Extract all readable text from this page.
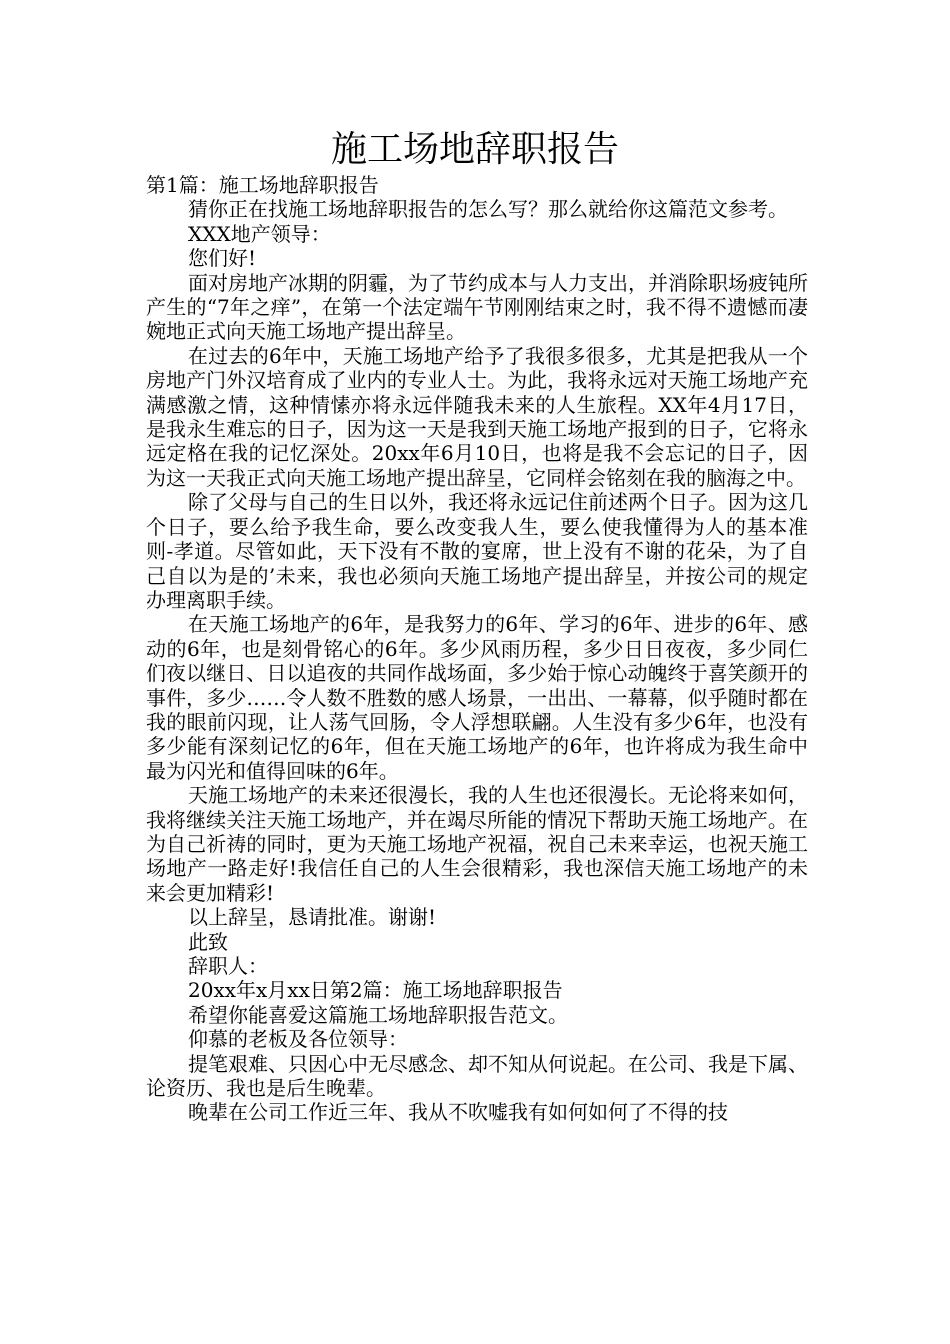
施工场地辞职报告

第1篇：施工场地辞职报告

猜你正在找施工场地辞职报告的怎么写？那么就给你这篇范文参考。

XXX地产领导：

您们好!

面对房地产冰期的阴霾，为了节约成本与人力支出，并消除职场疲钝所产生的“7年之痒”，在第一个法定端午节刚刚结束之时，我不得不遗憾而凄婉地正式向天施工场地产提出辞呈。

在过去的6年中，天施工场地产给予了我很多很多，尤其是把我从一个房地产门外汉培育成了业内的专业人士。为此，我将永远对天施工场地产充满感激之情，这种情愫亦将永远伴随我未来的人生旅程。XX年4月17日，是我永生难忘的日子，因为这一天是我到天施工场地产报到的日子，它将永远定格在我的记忆深处。20xx年6月10日，也将是我不会忘记的日子，因为这一天我正式向天施工场地产提出辞呈，它同样会铭刻在我的脑海之中。

除了父母与自己的生日以外，我还将永远记住前述两个日子。因为这几个日子，要么给予我生命，要么改变我人生，要么使我懂得为人的基本准则-孝道。尽管如此，天下没有不散的宴席，世上没有不谢的花朵，为了自己自以为是的’未来，我也必须向天施工场地产提出辞呈，并按公司的规定办理离职手续。

在天施工场地产的6年，是我努力的6年、学习的6年、进步的6年、感动的6年，也是刻骨铭心的6年。多少风雨历程，多少日日夜夜，多少同仁们夜以继日、日以追夜的共同作战场面，多少始于惊心动魄终于喜笑颜开的事件，多少……令人数不胜数的感人场景，一出出、一幕幕，似乎随时都在我的眼前闪现，让人荡气回肠，令人浮想联翩。人生没有多少6年，也没有多少能有深刻记忆的6年，但在天施工场地产的6年，也许将成为我生命中最为闪光和值得回味的6年。

天施工场地产的未来还很漫长，我的人生也还很漫长。无论将来如何，我将继续关注天施工场地产，并在竭尽所能的情况下帮助天施工场地产。在为自己祈祷的同时，更为天施工场地产祝福，祝自己未来幸运，也祝天施工场地产一路走好!我信任自己的人生会很精彩，我也深信天施工场地产的未来会更加精彩!

以上辞呈，恳请批准。谢谢!

此致

辞职人：

20xx年x月xx日第2篇：施工场地辞职报告

希望你能喜爱这篇施工场地辞职报告范文。

仰慕的老板及各位领导：

提笔艰难、只因心中无尽感念、却不知从何说起。在公司、我是下属、论资历、我也是后生晚辈。

晚辈在公司工作近三年、我从不吹嘘我有如何如何了不得的技
